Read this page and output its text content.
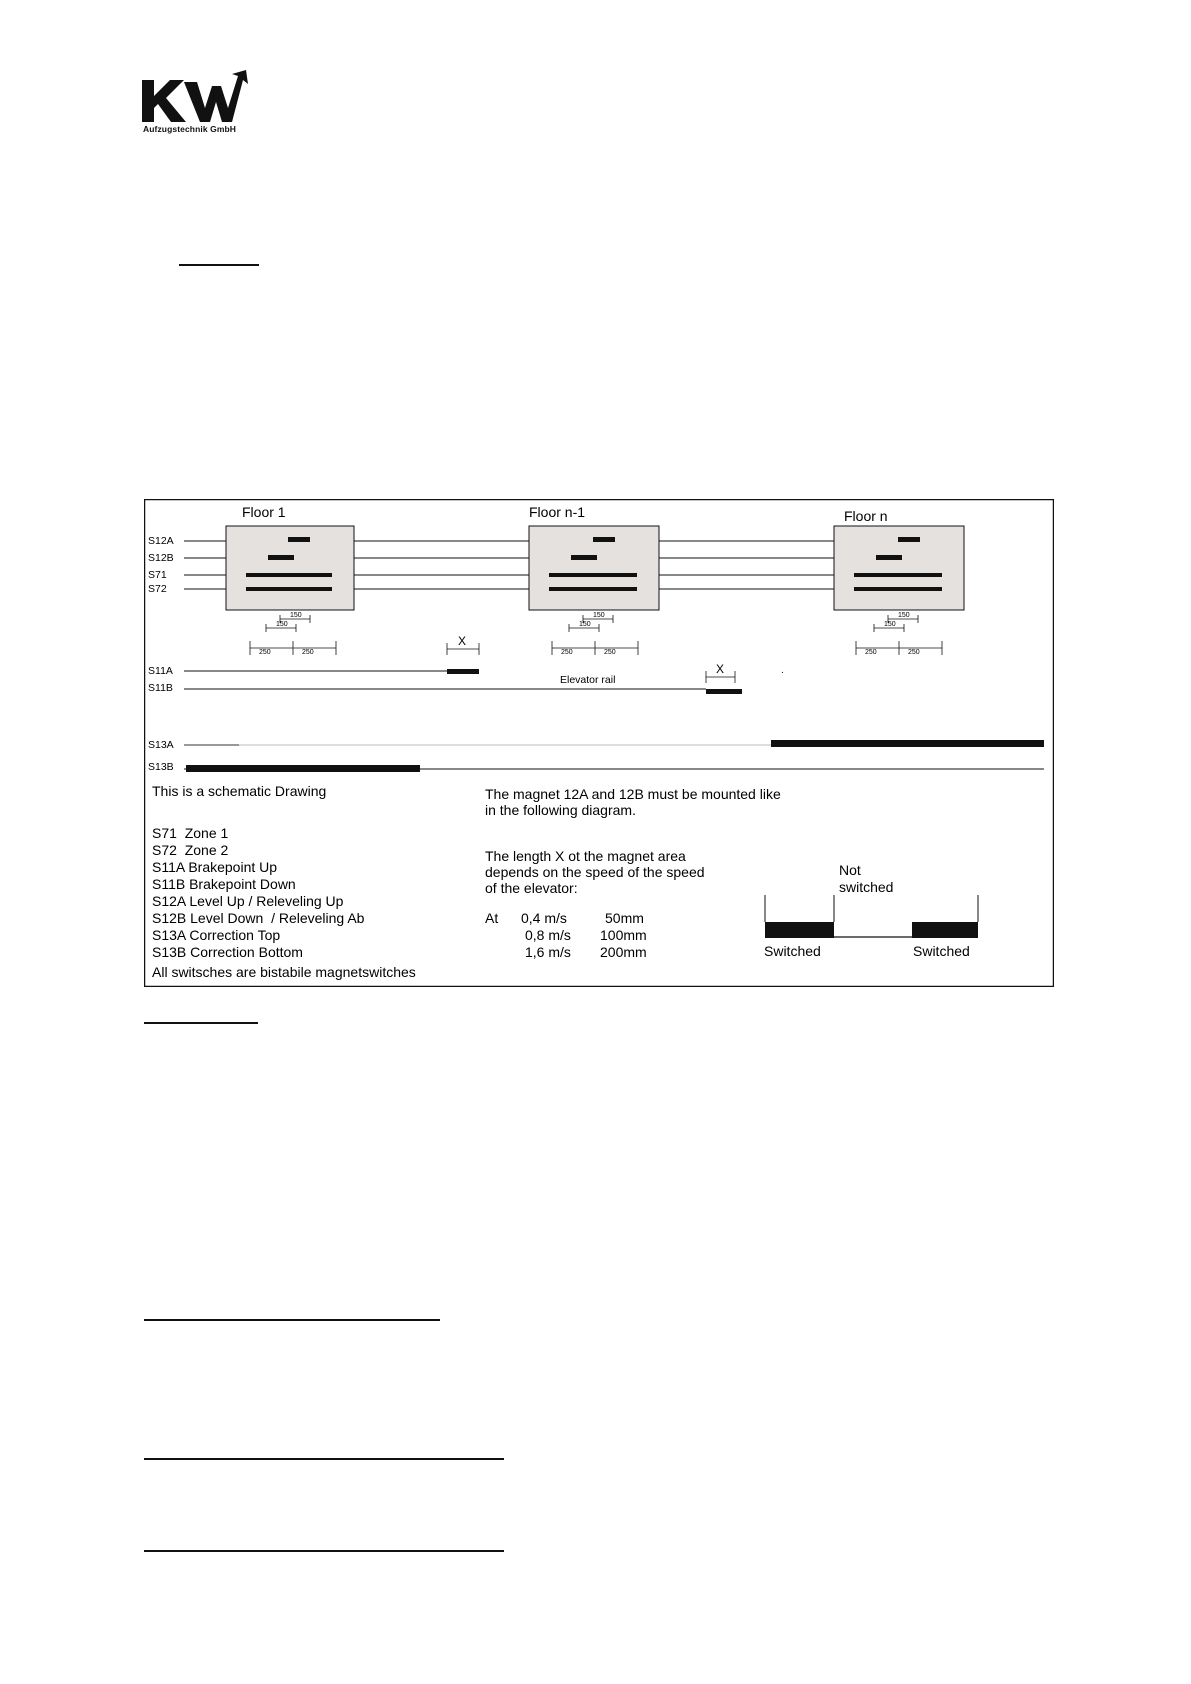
Aufzugstechnik GmbH
Floor 1	Floor n-1	Floor n
S12A
S12B
S71
S72
S11A
S11B
S13A
S13B
150
150
250	250
150
150
250	250
150
150
250	250
X
X
Elevator rail
.
This is a schematic Drawing
S71  Zone 1
S72  Zone 2
S11A Brakepoint Up
S11B Brakepoint Down
S12A Level Up / Releveling Up
S12B Level Down  / Releveling Ab
S13A Correction Top
S13B Correction Bottom
All switsches are bistabile magnetswitches
The magnet 12A and 12B must be mounted like
in the following diagram.
The length X ot the magnet area
depends on the speed of the speed
of the elevator:
At 0,4 m/s	50mm
0,8 m/s 100mm
1,6 m/s 200mm
Not
switched
Switched	Switched
